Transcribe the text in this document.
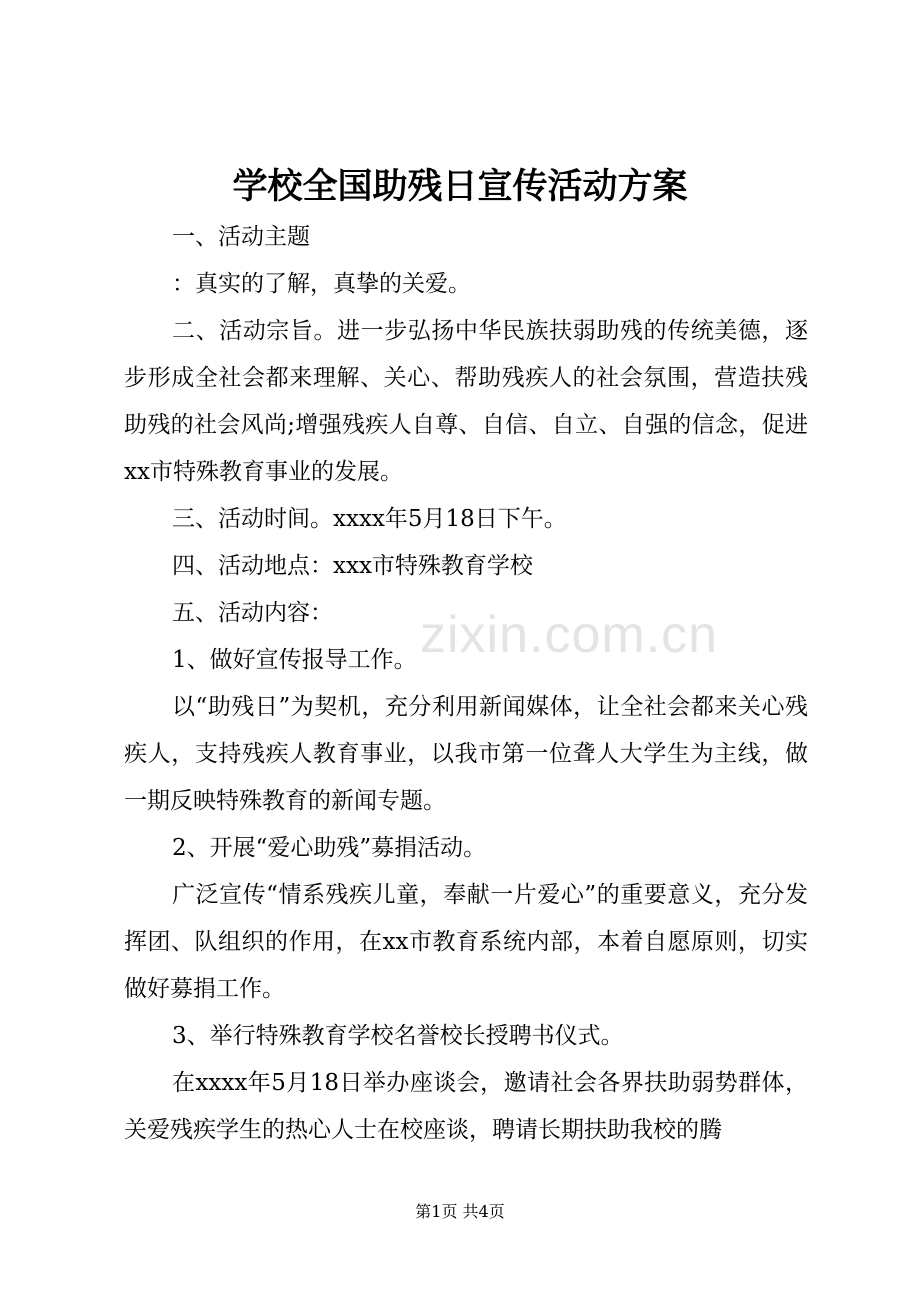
zixin.com.cn
学校全国助残日宣传活动方案

一、活动主题

：真实的了解，真挚的关爱。

二、活动宗旨。进一步弘扬中华民族扶弱助残的传统美德，逐步形成全社会都来理解、关心、帮助残疾人的社会氛围，营造扶残助残的社会风尚;增强残疾人自尊、自信、自立、自强的信念，促进xx市特殊教育事业的发展。

三、活动时间。xxxx年5月18日下午。

四、活动地点：xxx市特殊教育学校

五、活动内容：

1、做好宣传报导工作。

以“助残日”为契机，充分利用新闻媒体，让全社会都来关心残疾人，支持残疾人教育事业，以我市第一位聋人大学生为主线，做一期反映特殊教育的新闻专题。

2、开展“爱心助残”募捐活动。

广泛宣传“情系残疾儿童，奉献一片爱心”的重要意义，充分发挥团、队组织的作用，在xx市教育系统内部，本着自愿原则，切实做好募捐工作。

3、举行特殊教育学校名誉校长授聘书仪式。

在xxxx年5月18日举办座谈会，邀请社会各界扶助弱势群体，关爱残疾学生的热心人士在校座谈，聘请长期扶助我校的腾

第1页 共4页
